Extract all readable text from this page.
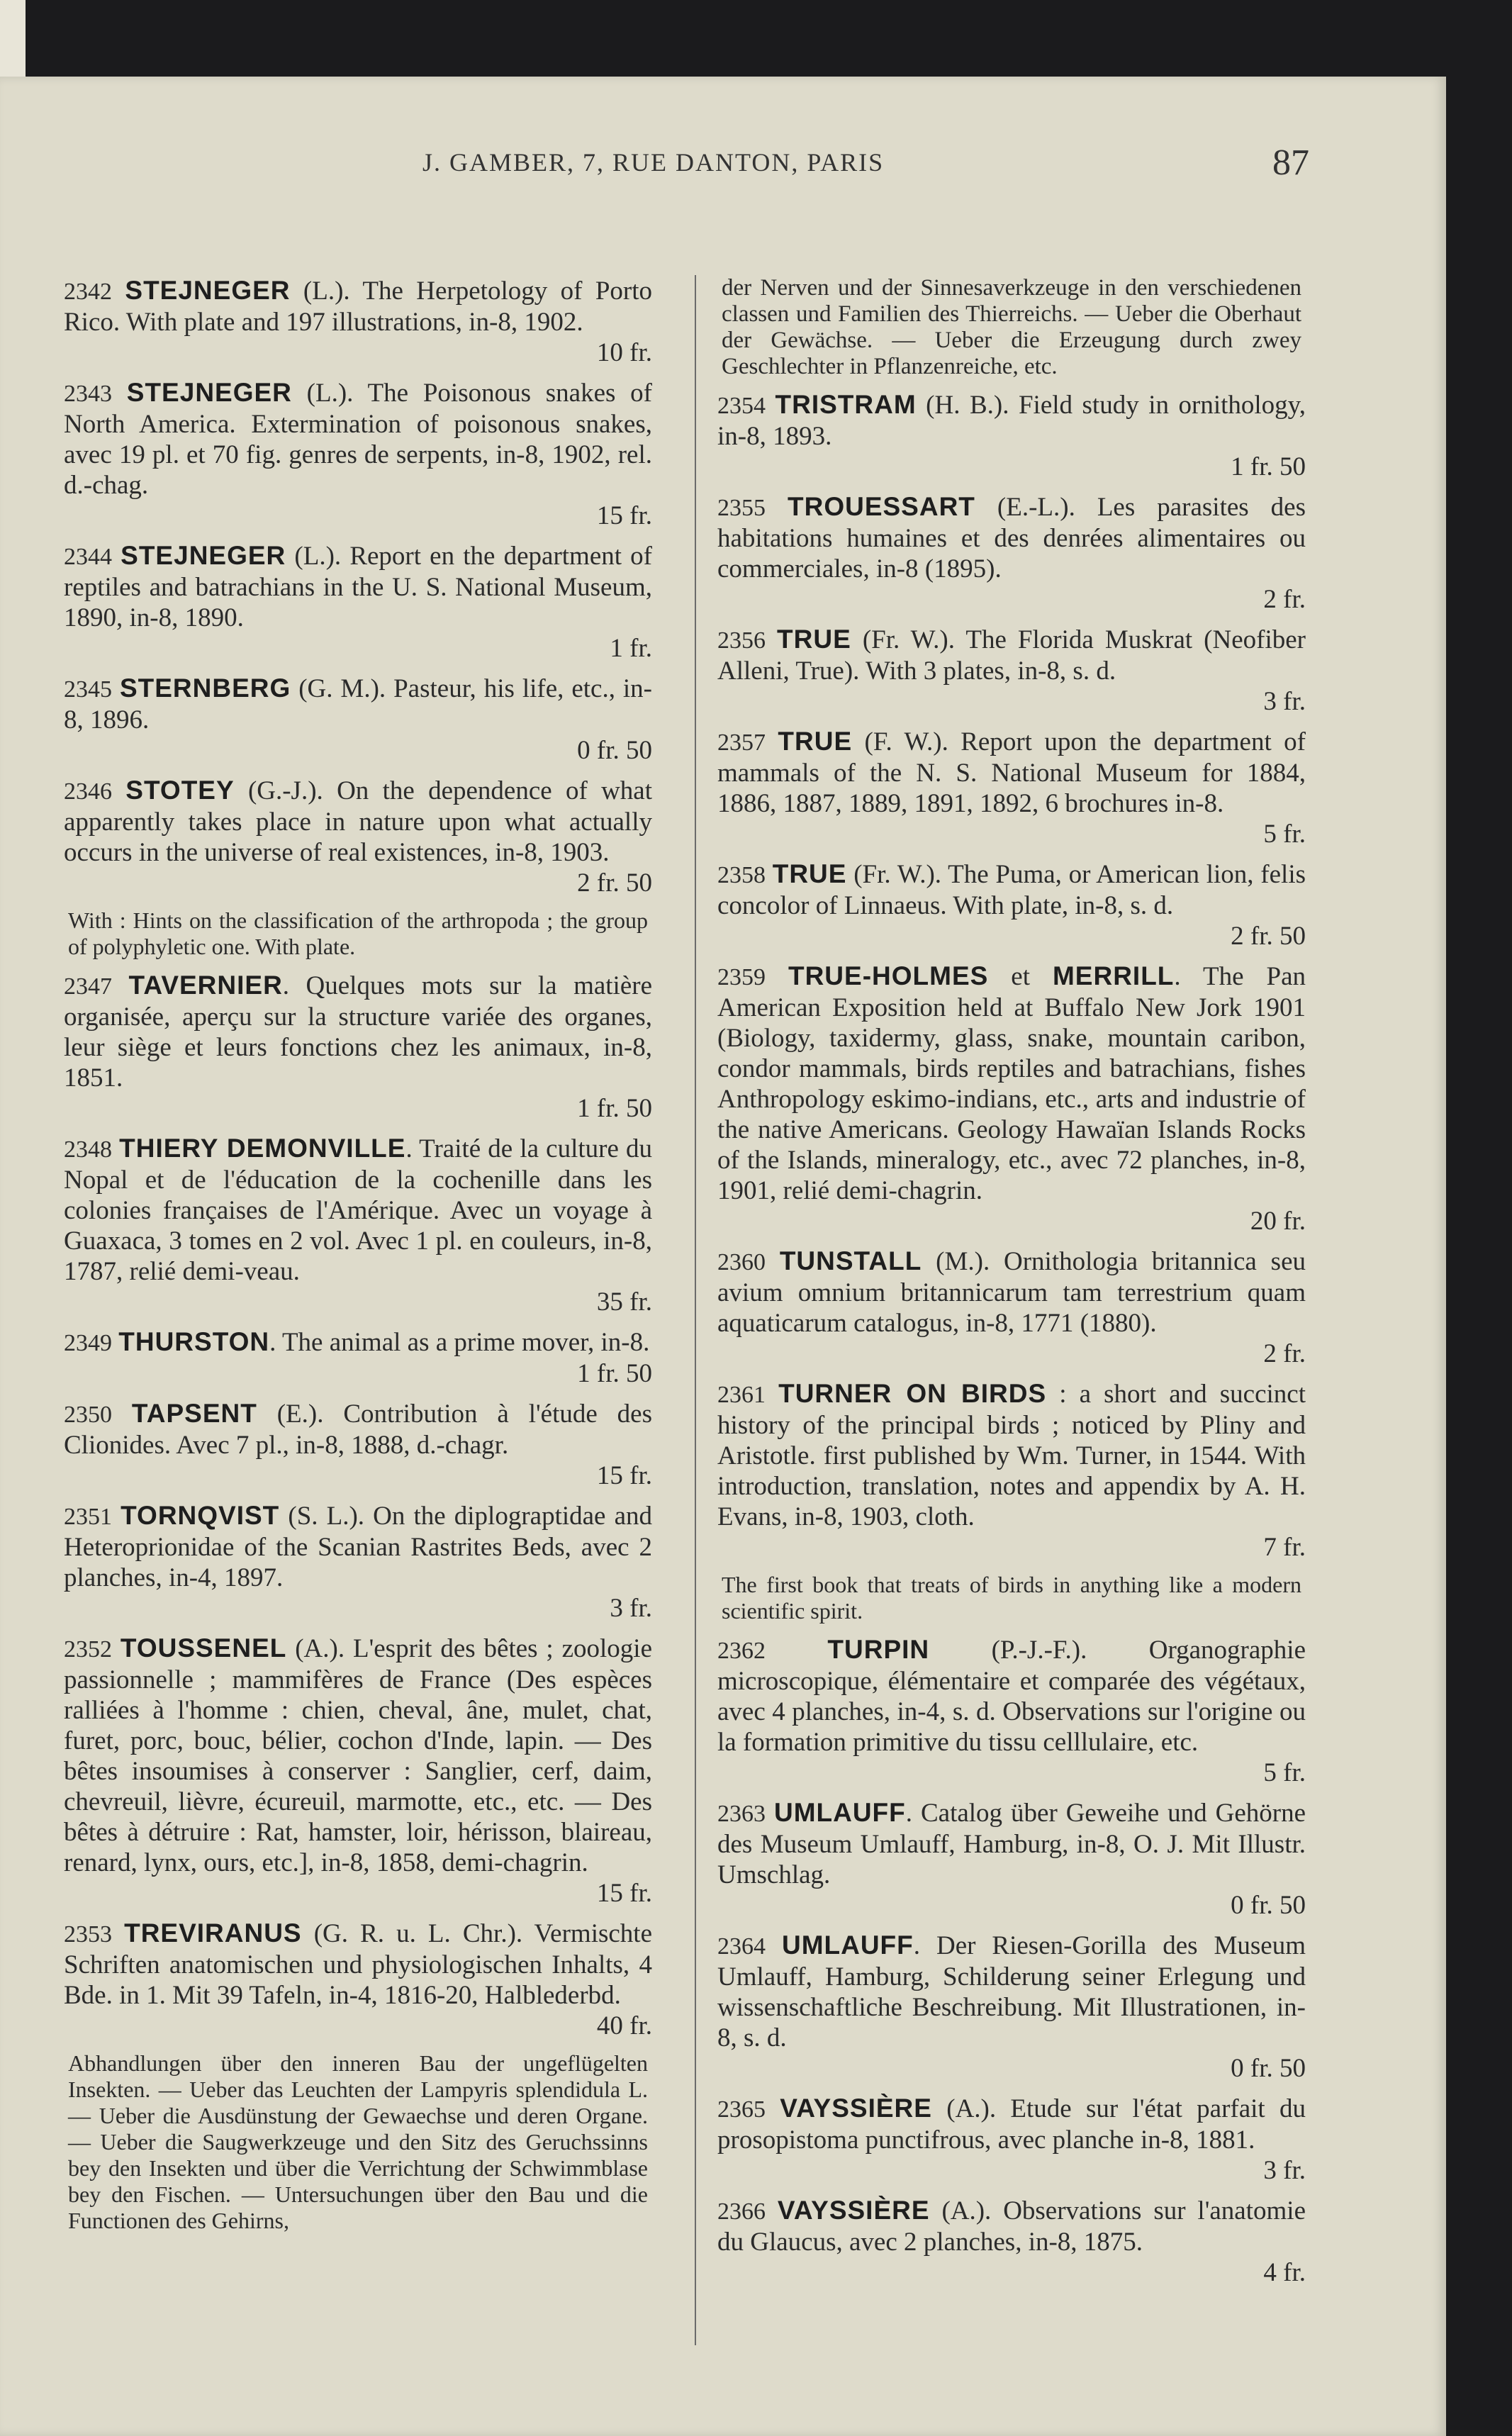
J. GAMBER, 7, RUE DANTON, PARIS	87
2342 STEJNEGER (L.). The Herpetology of Porto Rico. With plate and 197 illustrations, in-8, 1902.
10 fr.
2343 STEJNEGER (L.). The Poisonous snakes of North America. Extermination of poisonous snakes, avec 19 pl. et 70 fig. genres de serpents, in-8, 1902, rel. d.-chag.
15 fr.
2344 STEJNEGER (L.). Report en the department of reptiles and batrachians in the U. S. National Museum, 1890, in-8, 1890.
1 fr.
2345 STERNBERG (G. M.). Pasteur, his life, etc., in-8, 1896.
0 fr. 50
2346 STOTEY (G.-J.). On the dependence of what apparently takes place in nature upon what actually occurs in the universe of real existences, in-8, 1903.
2 fr. 50
With : Hints on the classification of the arthropoda ; the group of polyphyletic one. With plate.
2347 TAVERNIER. Quelques mots sur la matière organisée, aperçu sur la structure variée des organes, leur siège et leurs fonctions chez les animaux, in-8, 1851.
1 fr. 50
2348 THIERY DEMONVILLE. Traité de la culture du Nopal et de l'éducation de la cochenille dans les colonies françaises de l'Amérique. Avec un voyage à Guaxaca, 3 tomes en 2 vol. Avec 1 pl. en couleurs, in-8, 1787, relié demi-veau.
35 fr.
2349 THURSTON. The animal as a prime mover, in-8.
1 fr. 50
2350 TAPSENT (E.). Contribution à l'étude des Clionides. Avec 7 pl., in-8, 1888, d.-chagr.
15 fr.
2351 TORNQVIST (S. L.). On the diplograptidae and Heteroprionidae of the Scanian Rastrites Beds, avec 2 planches, in-4, 1897.
3 fr.
2352 TOUSSENEL (A.). L'esprit des bêtes ; zoologie passionnelle ; mammifères de France (Des espèces ralliées à l'homme : chien, cheval, âne, mulet, chat, furet, porc, bouc, bélier, cochon d'Inde, lapin. — Des bêtes insoumises à conserver : Sanglier, cerf, daim, chevreuil, lièvre, écureuil, marmotte, etc., etc. — Des bêtes à détruire : Rat, hamster, loir, hérisson, blaireau, renard, lynx, ours, etc.], in-8, 1858, demi-chagrin.
15 fr.
2353 TREVIRANUS (G. R. u. L. Chr.). Vermischte Schriften anatomischen und physiologischen Inhalts, 4 Bde. in 1. Mit 39 Tafeln, in-4, 1816-20, Halblederbd.
40 fr.
Abhandlungen über den inneren Bau der ungeflügelten Insekten. — Ueber das Leuchten der Lampyris splendidula L. — Ueber die Ausdünstung der Gewaechse und deren Organe. — Ueber die Saugwerkzeuge und den Sitz des Geruchssinns bey den Insekten und über die Verrichtung der Schwimmblase bey den Fischen. — Untersuchungen über den Bau und die Functionen des Gehirns,
der Nerven und der Sinnesaverkzeuge in den verschiedenen classen und Familien des Thierreichs. — Ueber die Oberhaut der Gewächse. — Ueber die Erzeugung durch zwey Geschlechter in Pflanzenreiche, etc.
2354 TRISTRAM (H. B.). Field study in ornithology, in-8, 1893.
1 fr. 50
2355 TROUESSART (E.-L.). Les parasites des habitations humaines et des denrées alimentaires ou commerciales, in-8 (1895).
2 fr.
2356 TRUE (Fr. W.). The Florida Muskrat (Neofiber Alleni, True). With 3 plates, in-8, s. d.
3 fr.
2357 TRUE (F. W.). Report upon the department of mammals of the N. S. National Museum for 1884, 1886, 1887, 1889, 1891, 1892, 6 brochures in-8.
5 fr.
2358 TRUE (Fr. W.). The Puma, or American lion, felis concolor of Linnaeus. With plate, in-8, s. d.
2 fr. 50
2359 TRUE-HOLMES et MERRILL. The Pan American Exposition held at Buffalo New Jork 1901 (Biology, taxidermy, glass, snake, mountain caribon, condor mammals, birds reptiles and batrachians, fishes Anthropology eskimo-indians, etc., arts and industrie of the native Americans. Geology Hawaïan Islands Rocks of the Islands, mineralogy, etc., avec 72 planches, in-8, 1901, relié demi-chagrin.
20 fr.
2360 TUNSTALL (M.). Ornithologia britannica seu avium omnium britannicarum tam terrestrium quam aquaticarum catalogus, in-8, 1771 (1880).
2 fr.
2361 TURNER ON BIRDS : a short and succinct history of the principal birds ; noticed by Pliny and Aristotle. first published by Wm. Turner, in 1544. With introduction, translation, notes and appendix by A. H. Evans, in-8, 1903, cloth.
7 fr.
The first book that treats of birds in anything like a modern scientific spirit.
2362 TURPIN (P.-J.-F.). Organographie microscopique, élémentaire et comparée des végétaux, avec 4 planches, in-4, s. d. Observations sur l'origine ou la formation primitive du tissu celllulaire, etc.
5 fr.
2363 UMLAUFF. Catalog über Geweihe und Gehörne des Museum Umlauff, Hamburg, in-8, O. J. Mit Illustr. Umschlag.
0 fr. 50
2364 UMLAUFF. Der Riesen-Gorilla des Museum Umlauff, Hamburg, Schilderung seiner Erlegung und wissenschaftliche Beschreibung. Mit Illustrationen, in-8, s. d.
0 fr. 50
2365 VAYSSIÈRE (A.). Etude sur l'état parfait du prosopistoma punctifrous, avec planche in-8, 1881.
3 fr.
2366 VAYSSIÈRE (A.). Observations sur l'anatomie du Glaucus, avec 2 planches, in-8, 1875.
4 fr.
